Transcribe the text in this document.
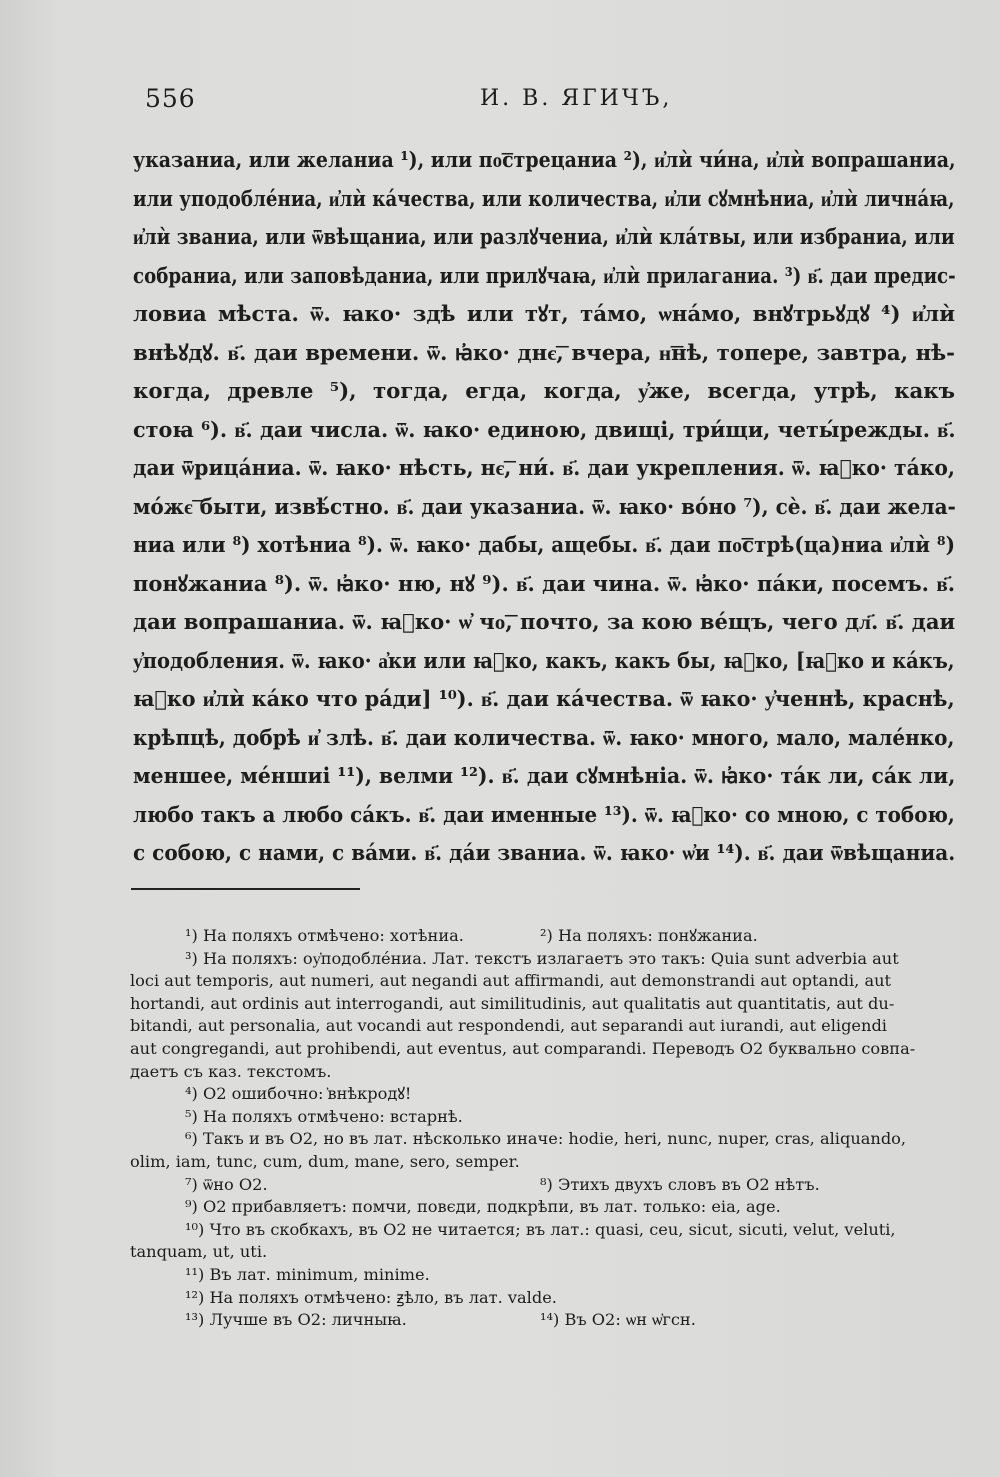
556	И. В. ЯГИЧЪ,
указаниа, или желаниа ¹), или по͞стрецаниа ²), и҆лѝ чи́на, и҆лѝ вопрашаниа,
или уподобле́ниа, и҆лѝ ка́чества, или количества, и҆ли сꙋмнѣниа, и҆лѝ лична́ꙗ,
и҆лѝ званиа, или ѿвѣщаниа, или разлꙋчениа, и҆лѝ кла́твы, или избраниа, или
собраниа, или заповѣданиа, или прилꙋчаꙗ, и҆лѝ прилаганиа. ³) в҃. даи предис-
ловиа мѣста. ѿ. ꙗко· здѣ или тꙋт, та́мо, ѡна́мо, внꙋтрьꙋдꙋ ⁴) и҆лѝ
внѣꙋдꙋ. в҃. даи времени. ѿ. ꙗ҆ко· днє͞, вчера, н͞нѣ, топере, завтра, нѣ-
когда, древле ⁵), тогда, егда, когда, у҆же, всегда, утрѣ, какъ
стоꙗ ⁶). в҃. даи числа. ѿ. ꙗко· единою, двищі, три́щи, четы́режды. в҃.
даи ѿрица́ниа. ѿ. ꙗко· нѣсть, нє͞, ни́. в҃. даи укрепления. ѿ. ꙗ҆ко· та́ко,
мо́жє͞ быти, извѣ́стно. в҃. даи указаниа. ѿ. ꙗко· во́но ⁷), сѐ. в҃. даи жела-
ниа или ⁸) хотѣниа ⁸). ѿ. ꙗко· дабы, ащебы. в҃. даи по͞стрѣ(ца)ниа и҆лѝ ⁸)
понꙋжаниа ⁸). ѿ. ꙗ҆ко· ню, нꙋ ⁹). в҃. даи чина. ѿ. ꙗ҆ко· па́ки, посемъ. в҃.
даи вопрашаниа. ѿ. ꙗ҆ко· ѡ҆ чо͞, почто, за кою ве́щъ, чего дл҃. в҃. даи
у҆подобления. ѿ. ꙗко· а҆ки или ꙗ҆ко, какъ, какъ бы, ꙗ҆ко, [ꙗ҆ко и ка́къ,
ꙗ҆ко и҆лѝ ка́ко что ра́ди] ¹⁰). в҃. даи ка́чества. ѿ ꙗко· у҆ченнѣ, краснѣ,
крѣпцѣ, добрѣ и҆ злѣ. в҃. даи количества. ѿ. ꙗко· много, мало, мале́нко,
меншее, ме́ншиі ¹¹), велми ¹²). в҃. даи сꙋмнѣніа. ѿ. ꙗ҆ко· та́к ли, са́к ли,
любо такъ а любо са́къ. в҃. даи именные ¹³). ѿ. ꙗ҆ко· со мною, с тобою,
с собою, с нами, с ва́ми. в҃. да́и званиа. ѿ. ꙗко· ѡ҆и ¹⁴). в҃. даи ѿвѣщаниа.
¹) На поляхъ отмѣчено: хотѣниа.	²) На поляхъ: понꙋжаниа.
³) На поляхъ: оу҆подобле́ниа. Лат. текстъ излагаетъ это такъ: Quia sunt adverbia aut
loci aut temporis, aut numeri, aut negandi aut affirmandi, aut demonstrandi aut optandi, aut
hortandi, aut ordinis aut interrogandi, aut similitudinis, aut qualitatis aut quantitatis, aut du-
bitandi, aut personalia, aut vocandi aut respondendi, aut separandi aut iurandi, aut eligendi
aut congregandi, aut prohibendi, aut eventus, aut comparandi. Переводъ О2 буквально совпа-
даетъ съ каз. текстомъ.
⁴) О2 ошибочно: ҆внѣкродꙋ!
⁵) На поляхъ отмѣчено: встарнѣ.
⁶) Такъ и въ О2, но въ лат. нѣсколько иначе: hodie, heri, nunc, nuper, cras, aliquando,
olim, iam, tunc, cum, dum, mane, sero, semper.
⁷) ѿно О2.	⁸) Этихъ двухъ словъ въ О2 нѣтъ.
⁹) О2 прибавляетъ: помчи, повєди, подкрѣпи, въ лат. только: eia, age.
¹⁰) Что въ скобкахъ, въ О2 не читается; въ лат.: quasi, ceu, sicut, sicuti, velut, veluti,
tanquam, ut, uti.
¹¹) Въ лат. minimum, minime.
¹²) На поляхъ отмѣчено: ꙃѣло, въ лат. valde.
¹³) Лучше въ О2: личныꙗ.	¹⁴) Въ О2: ѡн ѡ҆гсн.
